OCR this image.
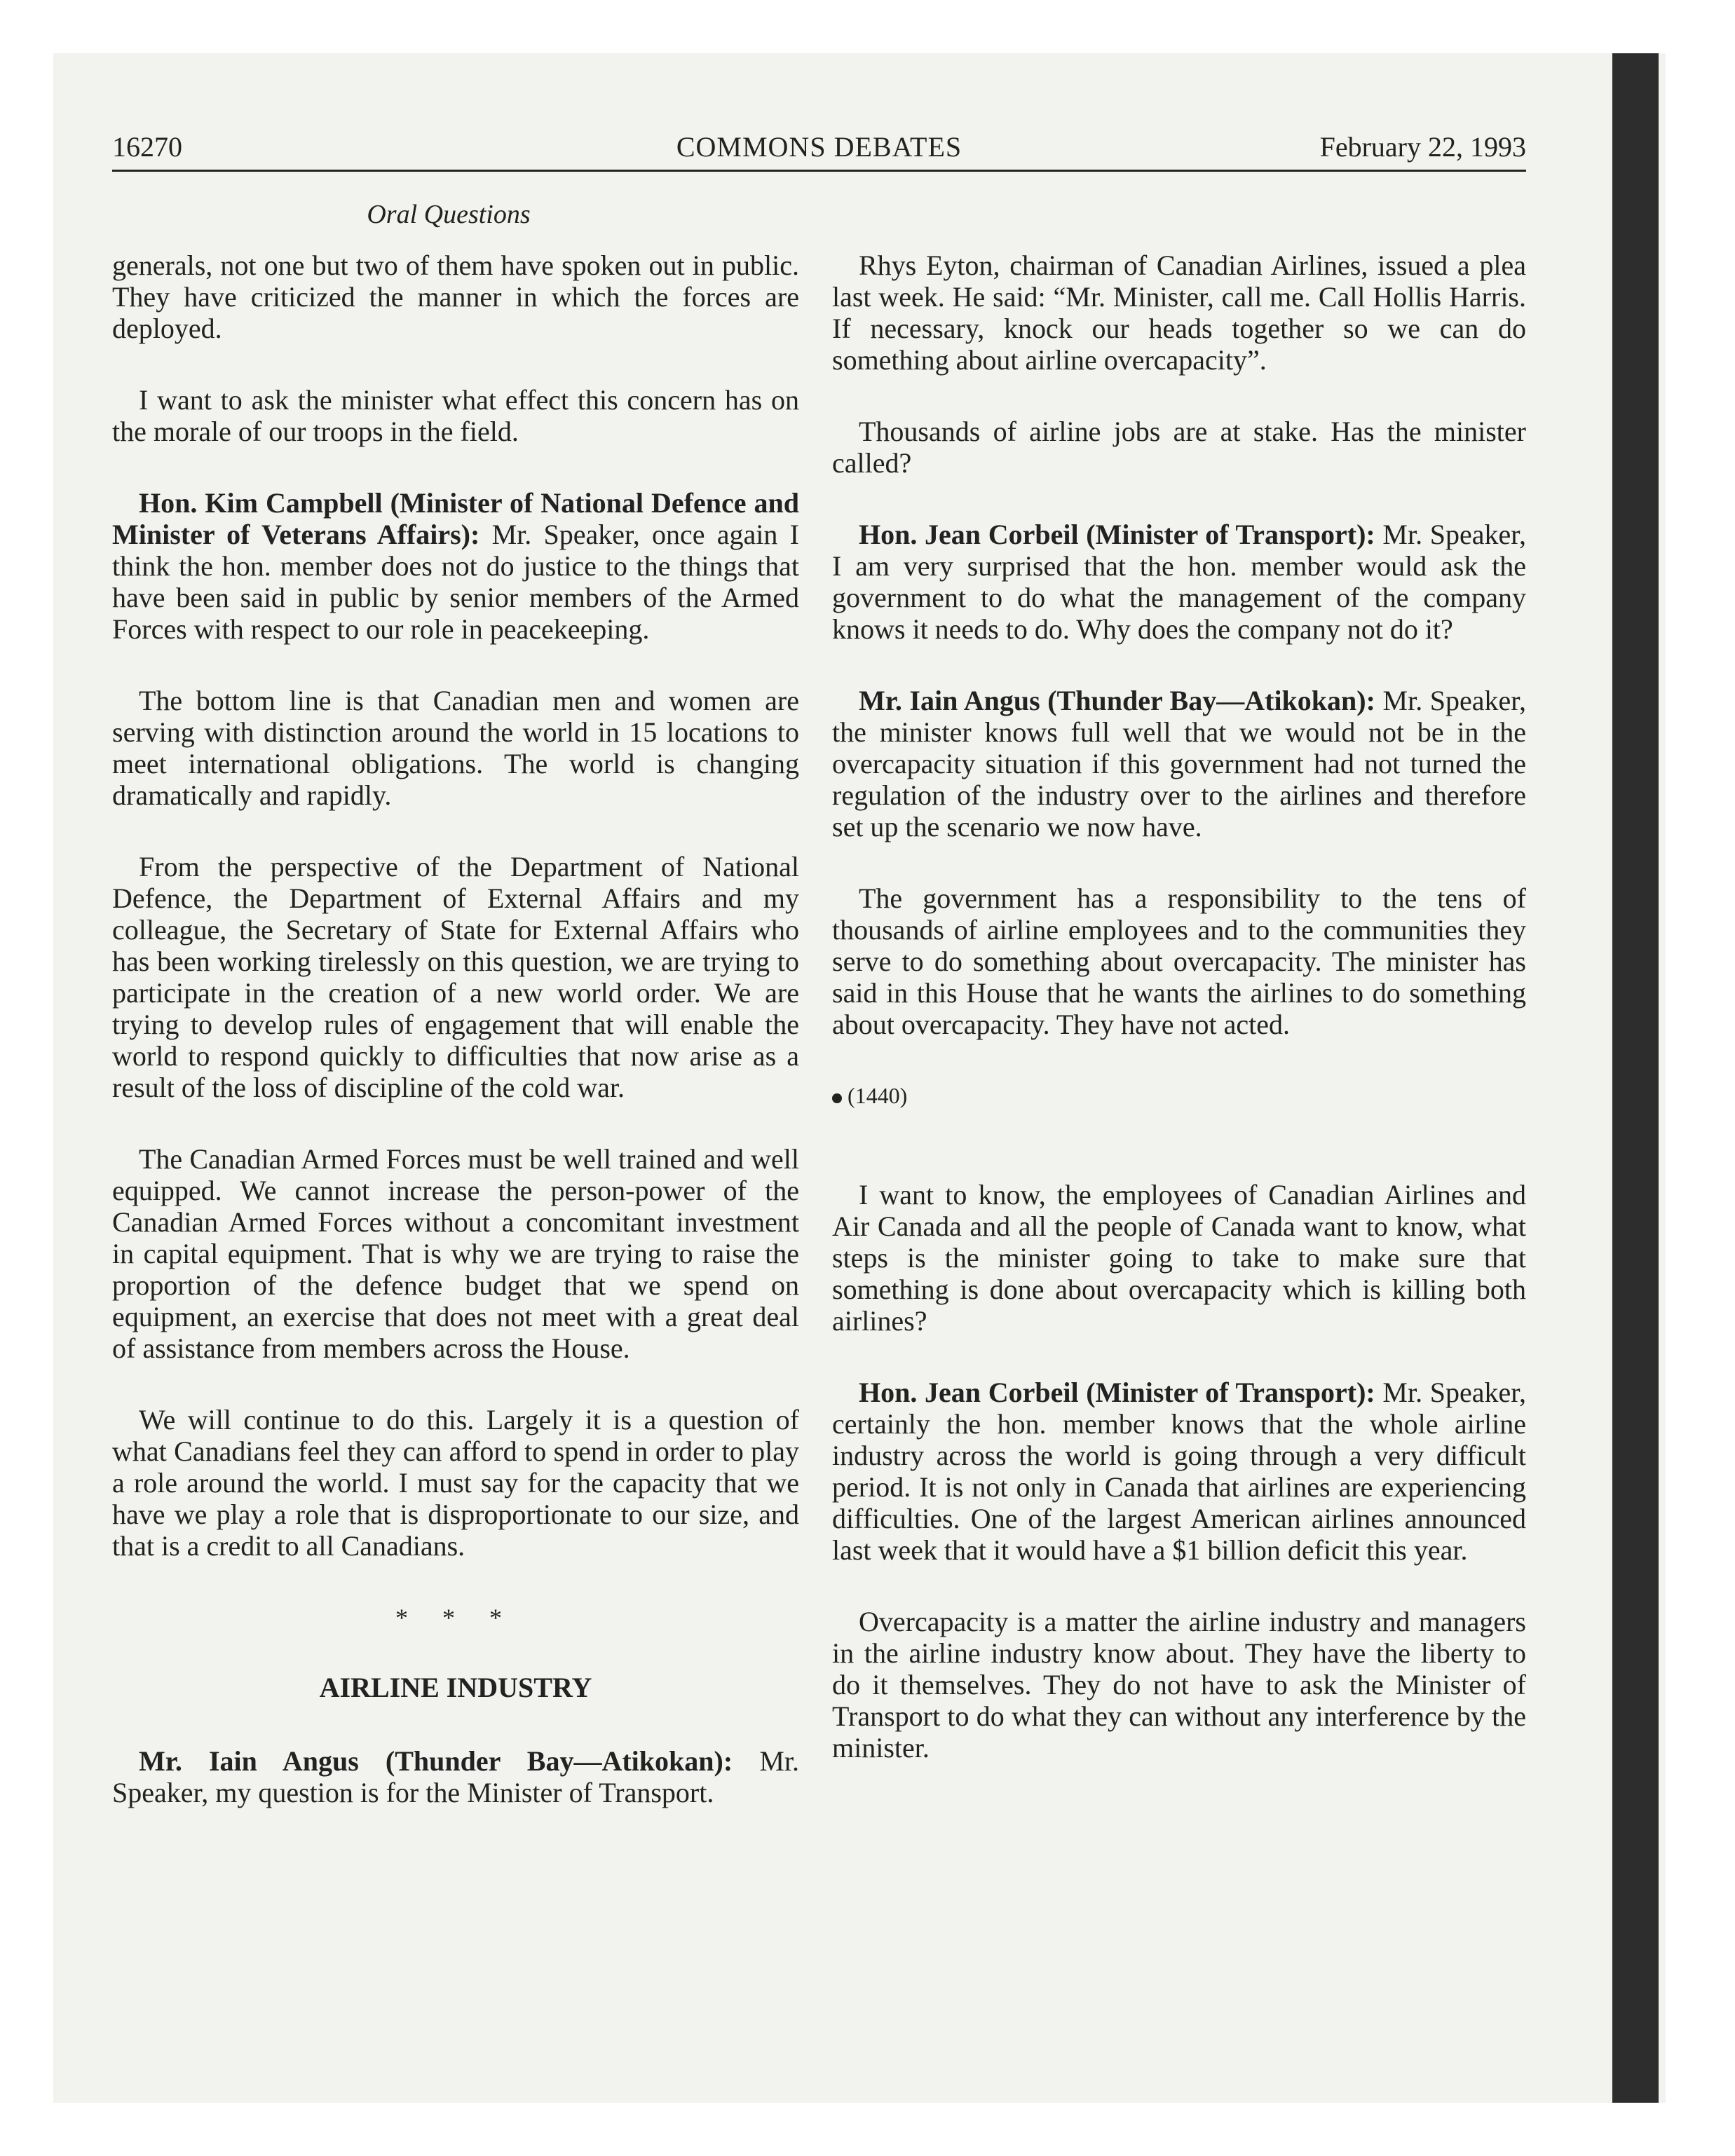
16270	COMMONS DEBATES	February 22, 1993
Oral Questions

generals, not one but two of them have spoken out in public. They have criticized the manner in which the forces are deployed.

I want to ask the minister what effect this concern has on the morale of our troops in the field.

Hon. Kim Campbell (Minister of National Defence and Minister of Veterans Affairs): Mr. Speaker, once again I think the hon. member does not do justice to the things that have been said in public by senior members of the Armed Forces with respect to our role in peacekeeping.

The bottom line is that Canadian men and women are serving with distinction around the world in 15 locations to meet international obligations. The world is changing dramatically and rapidly.

From the perspective of the Department of National Defence, the Department of External Affairs and my colleague, the Secretary of State for External Affairs who has been working tirelessly on this question, we are trying to participate in the creation of a new world order. We are trying to develop rules of engagement that will enable the world to respond quickly to difficulties that now arise as a result of the loss of discipline of the cold war.

The Canadian Armed Forces must be well trained and well equipped. We cannot increase the person-power of the Canadian Armed Forces without a concomitant investment in capital equipment. That is why we are trying to raise the proportion of the defence budget that we spend on equipment, an exercise that does not meet with a great deal of assistance from members across the House.

We will continue to do this. Largely it is a question of what Canadians feel they can afford to spend in order to play a role around the world. I must say for the capacity that we have we play a role that is disproportionate to our size, and that is a credit to all Canadians.

* * *
AIRLINE INDUSTRY

Mr. Iain Angus (Thunder Bay—Atikokan): Mr. Speaker, my question is for the Minister of Transport.

Rhys Eyton, chairman of Canadian Airlines, issued a plea last week. He said: “Mr. Minister, call me. Call Hollis Harris. If necessary, knock our heads together so we can do something about airline overcapacity”.

Thousands of airline jobs are at stake. Has the minister called?

Hon. Jean Corbeil (Minister of Transport): Mr. Speaker, I am very surprised that the hon. member would ask the government to do what the management of the company knows it needs to do. Why does the company not do it?

Mr. Iain Angus (Thunder Bay—Atikokan): Mr. Speaker, the minister knows full well that we would not be in the overcapacity situation if this government had not turned the regulation of the industry over to the airlines and therefore set up the scenario we now have.

The government has a responsibility to the tens of thousands of airline employees and to the communities they serve to do something about overcapacity. The minister has said in this House that he wants the airlines to do something about overcapacity. They have not acted.

(1440)

I want to know, the employees of Canadian Airlines and Air Canada and all the people of Canada want to know, what steps is the minister going to take to make sure that something is done about overcapacity which is killing both airlines?

Hon. Jean Corbeil (Minister of Transport): Mr. Speaker, certainly the hon. member knows that the whole airline industry across the world is going through a very difficult period. It is not only in Canada that airlines are experiencing difficulties. One of the largest American airlines announced last week that it would have a $1 billion deficit this year.

Overcapacity is a matter the airline industry and managers in the airline industry know about. They have the liberty to do it themselves. They do not have to ask the Minister of Transport to do what they can without any interference by the minister.
